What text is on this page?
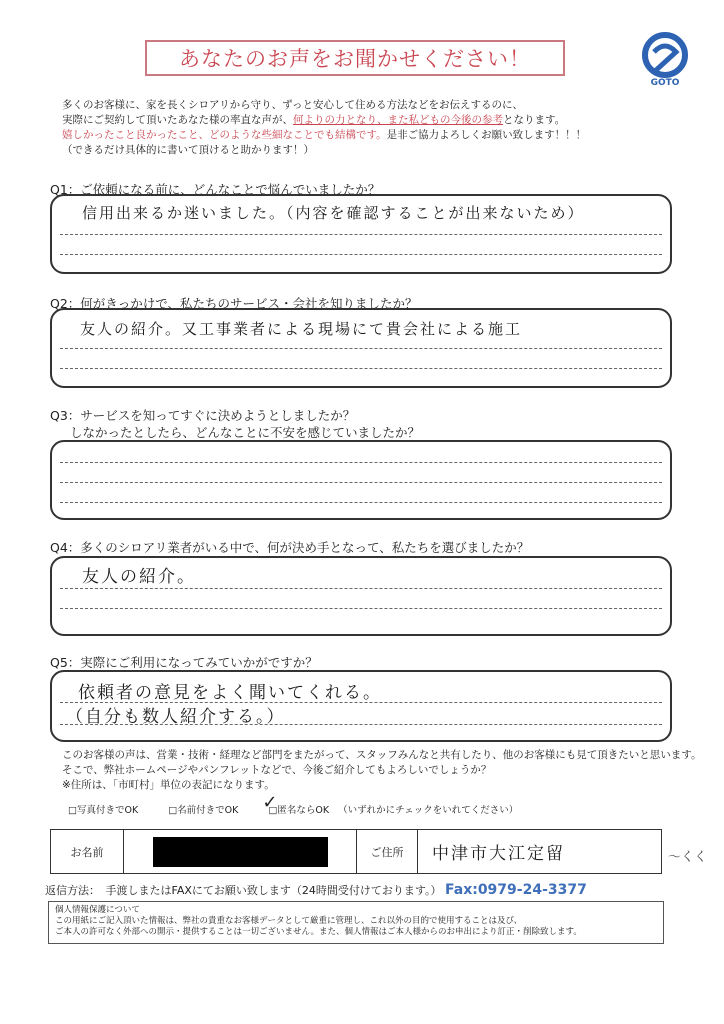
あなたのお声をお聞かせください！
GOTO
多くのお客様に、家を長くシロアリから守り、ずっと安心して住める方法などをお伝えするのに、
実際にご契約して頂いたあなた様の率直な声が、何よりの力となり、また私どもの今後の参考となります。
嬉しかったこと良かったこと、どのような些細なことでも結構です。是非ご協力よろしくお願い致します！！！
（できるだけ具体的に書いて頂けると助かります！）
Q1：ご依頼になる前に、どんなことで悩んでいましたか？
信用出来るか迷いました。（内容を確認することが出来ないため）
Q2：何がきっかけで、私たちのサービス・会社を知りましたか？
友人の紹介。又工事業者による現場にて貴会社による施工
Q3：サービスを知ってすぐに決めようとしましたか？
しなかったとしたら、どんなことに不安を感じていましたか？
Q4：多くのシロアリ業者がいる中で、何が決め手となって、私たちを選びましたか？
友人の紹介。
Q5：実際にご利用になってみていかがですか？
依頼者の意見をよく聞いてくれる。
（自分も数人紹介する。）
このお客様の声は、営業・技術・経理など部門をまたがって、スタッフみんなと共有したり、他のお客様にも見て頂きたいと思います。
そこで、弊社ホームページやパンフレットなどで、今後ご紹介してもよろしいでしょうか？
※住所は、「市町村」単位の表記になります。
□写真付きでOK	□名前付きでOK ✓
□匿名ならOK （いずれかにチェックをいれてください）
お名前	ご住所	中津市大江定留	〜くく
返信方法：　手渡しまたはFAXにてお願い致します（24時間受付けております。） Fax:0979-24-3377
個人情報保護について
この用紙にご記入頂いた情報は、弊社の貴重なお客様データとして厳重に管理し、これ以外の目的で使用することは及び、
ご本人の許可なく外部への開示・提供することは一切ございません。また、個人情報はご本人様からのお申出により訂正・削除致します。
